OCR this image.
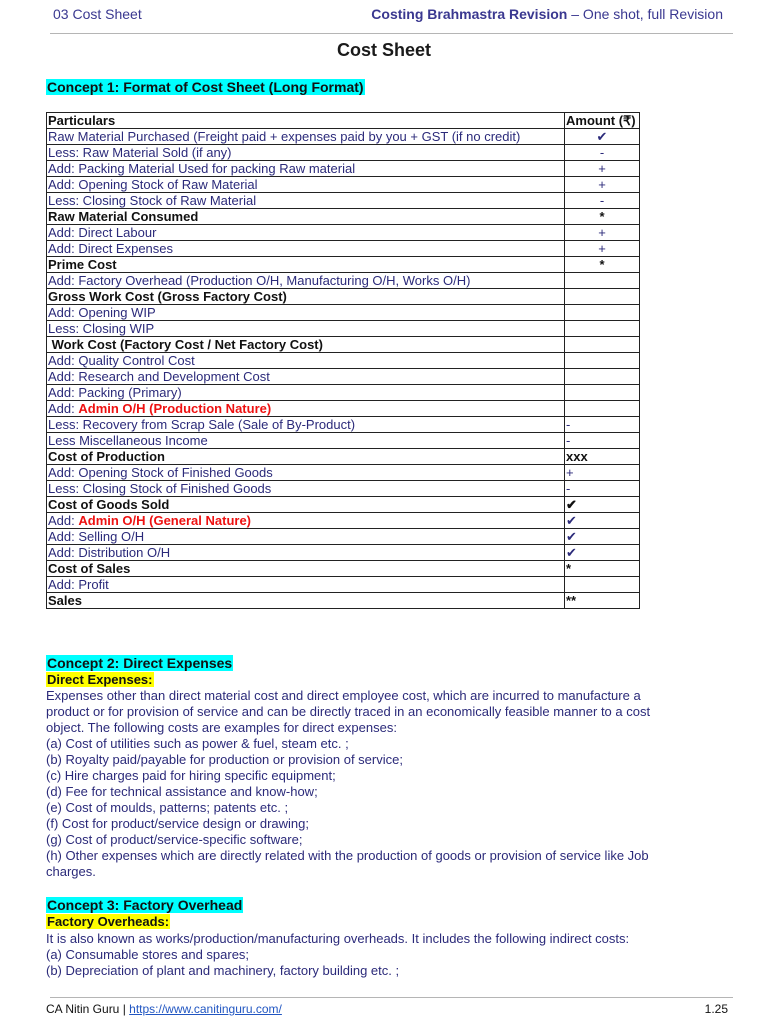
03 Cost Sheet	Costing Brahmastra Revision – One shot, full Revision
Cost Sheet
Concept 1: Format of Cost Sheet (Long Format)
Particulars	Amount (₹)
Raw Material Purchased (Freight paid + expenses paid by you + GST (if no credit)	✔
Less: Raw Material Sold (if any)	-
Add: Packing Material Used for packing Raw material	+
Add: Opening Stock of Raw Material	+
Less: Closing Stock of Raw Material	-
Raw Material Consumed	*
Add: Direct Labour	+
Add: Direct Expenses	+
Prime Cost	*
Add: Factory Overhead (Production O/H, Manufacturing O/H, Works O/H)	
Gross Work Cost (Gross Factory Cost)	
Add: Opening WIP	
Less: Closing WIP	
Work Cost (Factory Cost / Net Factory Cost)	
Add: Quality Control Cost	
Add: Research and Development Cost	
Add: Packing (Primary)	
Add: Admin O/H (Production Nature)	
Less: Recovery from Scrap Sale (Sale of By-Product)	-
Less Miscellaneous Income	-
Cost of Production	xxx
Add: Opening Stock of Finished Goods	+
Less: Closing Stock of Finished Goods	-
Cost of Goods Sold	✔
Add: Admin O/H (General Nature)	✔
Add: Selling O/H	✔
Add: Distribution O/H	✔
Cost of Sales	*
Add: Profit	
Sales	**
Concept 2: Direct Expenses
Direct Expenses:
Expenses other than direct material cost and direct employee cost, which are incurred to manufacture a
product or for provision of service and can be directly traced in an economically feasible manner to a cost
object. The following costs are examples for direct expenses:
(a) Cost of utilities such as power & fuel, steam etc. ;
(b) Royalty paid/payable for production or provision of service;
(c) Hire charges paid for hiring specific equipment;
(d) Fee for technical assistance and know-how;
(e) Cost of moulds, patterns; patents etc. ;
(f) Cost for product/service design or drawing;
(g) Cost of product/service-specific software;
(h) Other expenses which are directly related with the production of goods or provision of service like Job
charges.
Concept 3: Factory Overhead
Factory Overheads:
It is also known as works/production/manufacturing overheads. It includes the following indirect costs:
(a) Consumable stores and spares;
(b) Depreciation of plant and machinery, factory building etc. ;
CA Nitin Guru | https://www.canitinguru.com/	1.25
